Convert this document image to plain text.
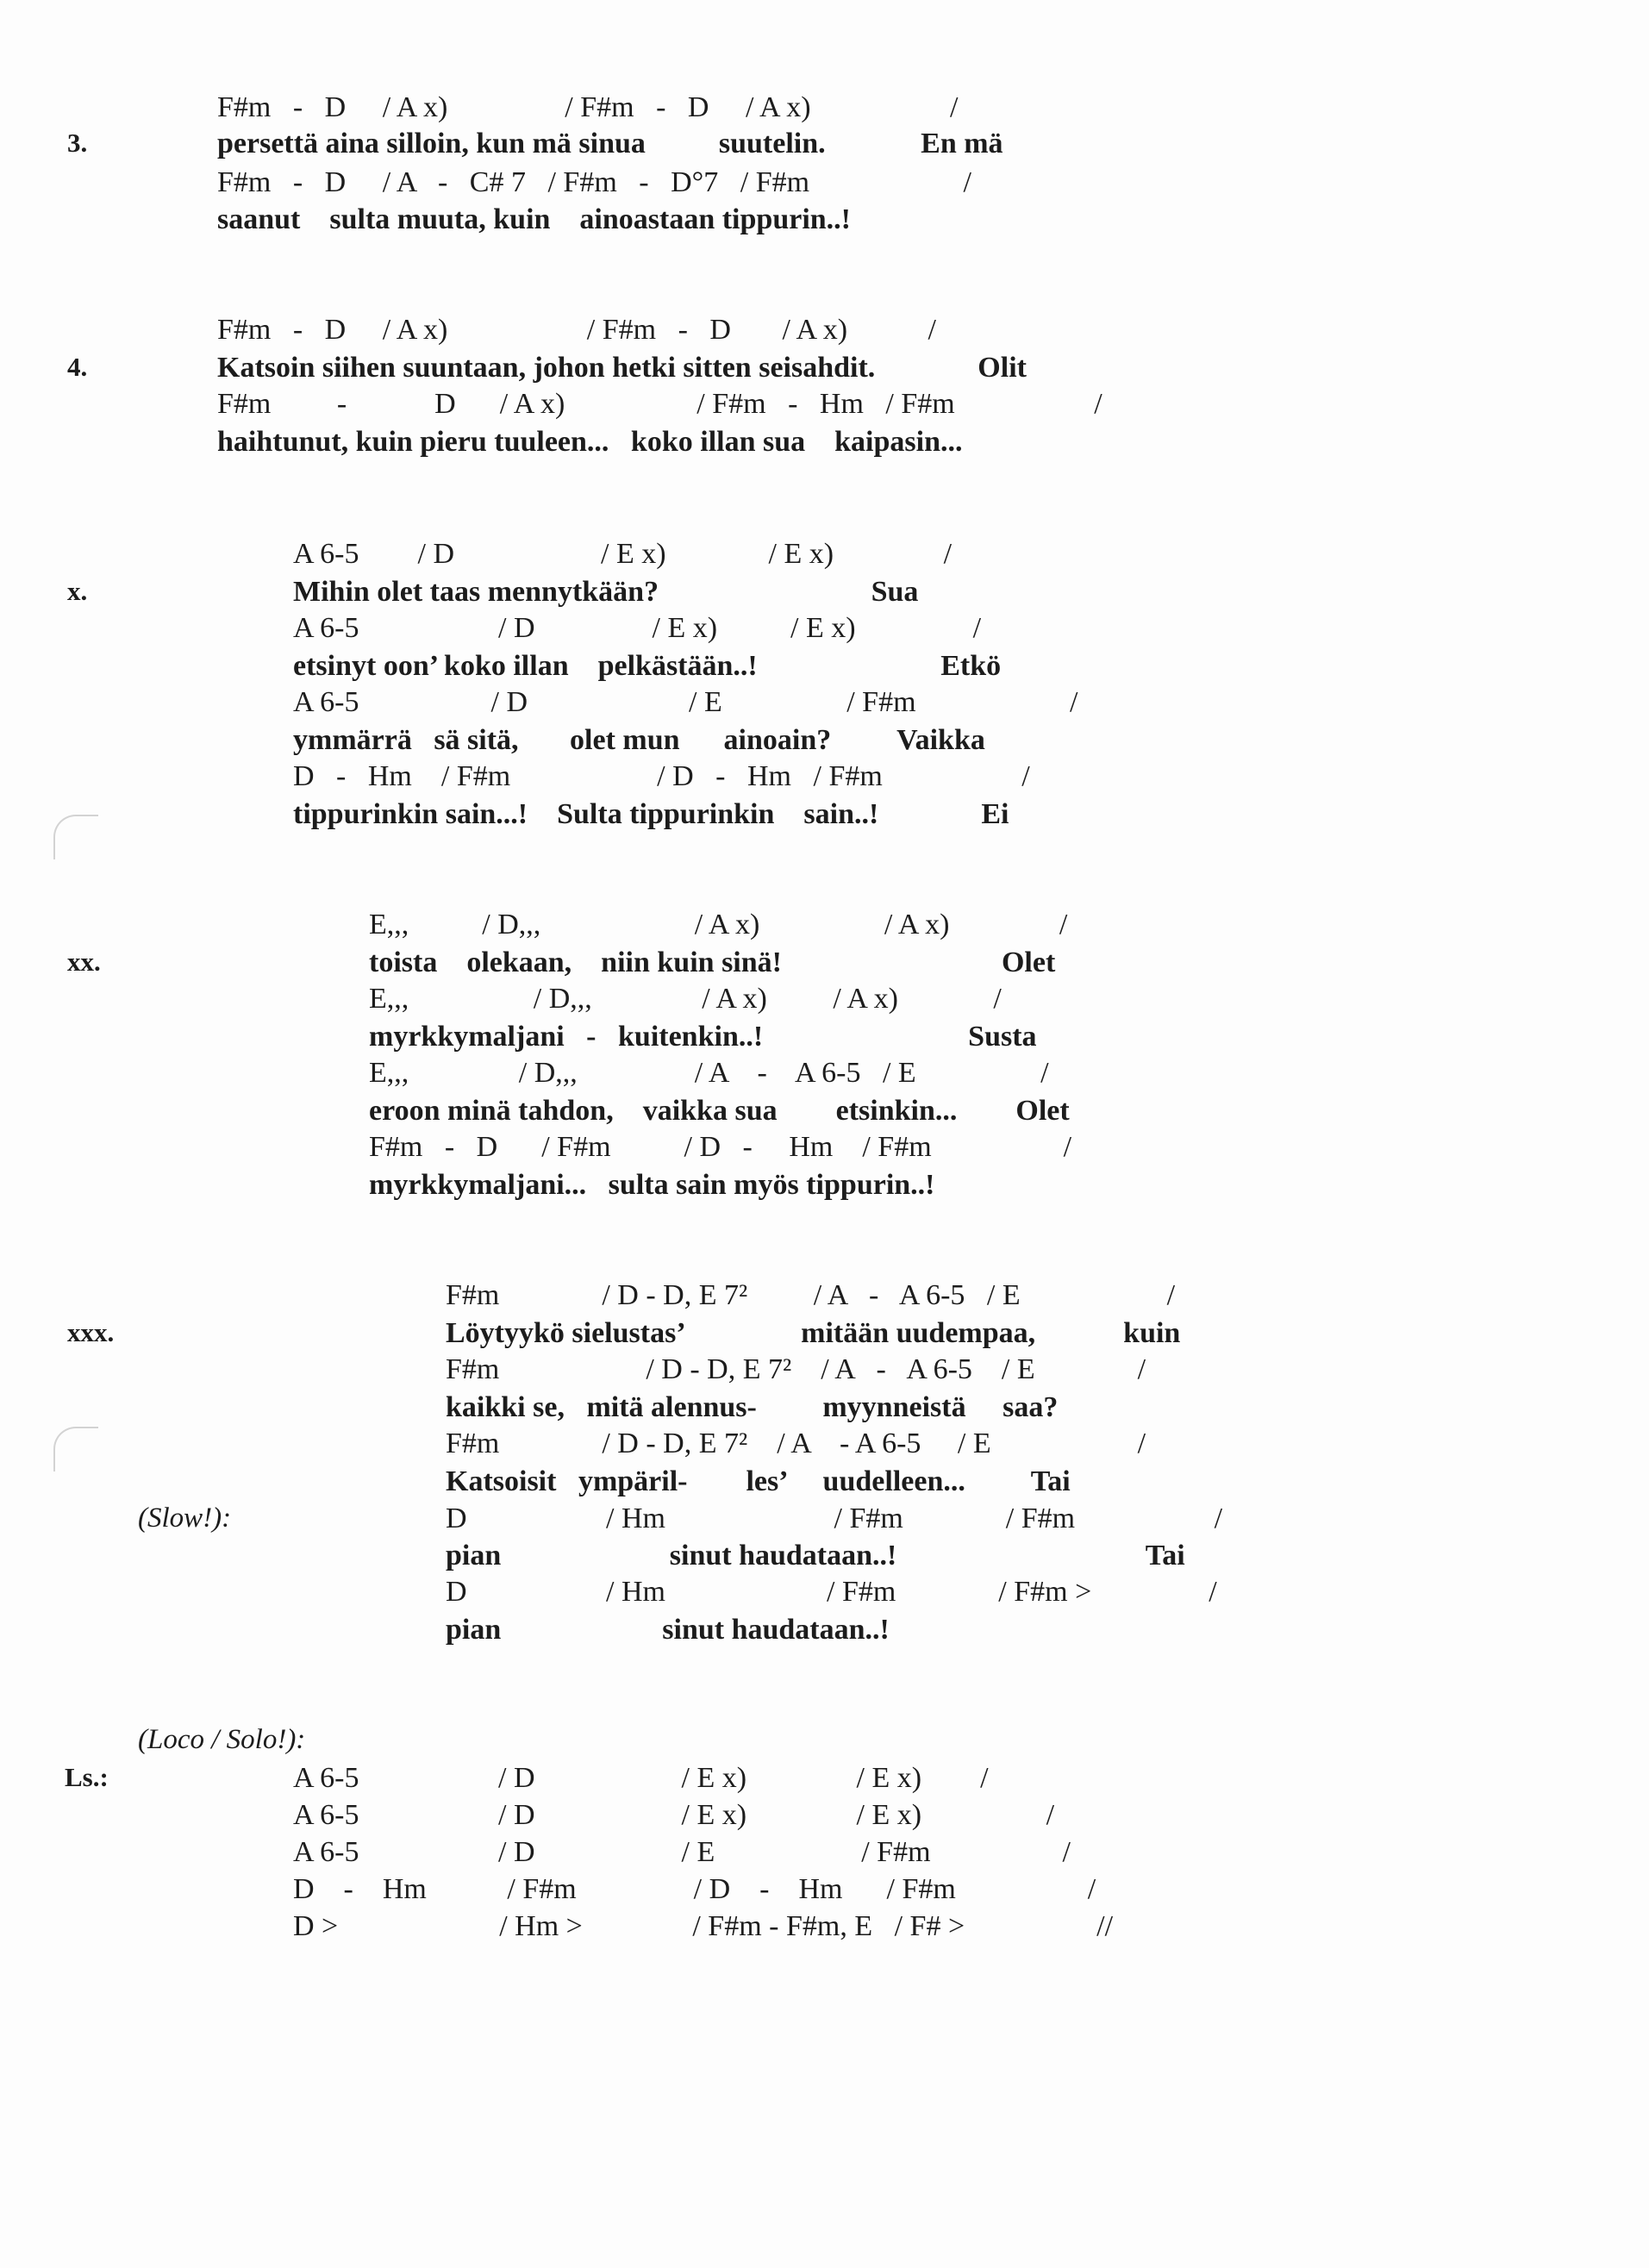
3.
F#m   -   D     / A x)                / F#m   -   D     / A x)                   /
persettä aina silloin, kun mä sinua          suutelin.             En mä
F#m   -   D     / A   -   C# 7   / F#m   -   D°7   / F#m                     /
saanut    sulta muuta, kuin    ainoastaan tippurin..!
4.
F#m   -   D     / A x)                   / F#m   -   D       / A x)           /
Katsoin siihen suuntaan, johon hetki sitten seisahdit.              Olit
F#m         -            D      / A x)                  / F#m   -   Hm   / F#m                   /
haihtunut, kuin pieru tuuleen...   koko illan sua    kaipasin...
x.
A 6-5        / D                    / E x)              / E x)               /
Mihin olet taas mennytkään?                             Sua
A 6-5                   / D                / E x)          / E x)                /
etsinyt oon’ koko illan    pelkästään..!                         Etkö
A 6-5                  / D                      / E                 / F#m                     /
ymmärrä   sä sitä,       olet mun      ainoain?         Vaikka
D   -   Hm    / F#m                    / D   -   Hm   / F#m                   /
tippurinkin sain...!    Sulta tippurinkin    sain..!              Ei
xx.
E,,,          / D,,,                     / A x)                 / A x)               /
toista    olekaan,    niin kuin sinä!                              Olet
E,,,                 / D,,,               / A x)         / A x)             /
myrkkymaljani   -   kuitenkin..!                            Susta
E,,,               / D,,,                / A    -    A 6-5   / E                 /
eroon minä tahdon,    vaikka sua        etsinkin...        Olet
F#m   -   D      / F#m          / D   -     Hm    / F#m                  /
myrkkymaljani...   sulta sain myös tippurin..!
xxx.
(Slow!):
F#m              / D - D, E 7²         / A   -   A 6-5   / E                    /
Löytyykö sielustas’                mitään uudempaa,            kuin
F#m                    / D - D, E 7²    / A   -   A 6-5    / E              /
kaikki se,   mitä alennus-         myynneistä     saa?
F#m              / D - D, E 7²    / A    - A 6-5     / E                    /
Katsoisit   ympäril-        les’     uudelleen...         Tai
D                   / Hm                       / F#m              / F#m                   /
pian                       sinut haudataan..!                                  Tai
D                   / Hm                      / F#m              / F#m >                /
pian                      sinut haudataan..!
(Loco / Solo!):
Ls.:	A 6-5                   / D                    / E x)               / E x)        /
A 6-5                   / D                    / E x)               / E x)                 /
A 6-5                   / D                    / E                    / F#m                  /
D    -    Hm           / F#m                / D    -    Hm      / F#m                  /
D >                      / Hm >               / F#m - F#m, E   / F# >                  //
